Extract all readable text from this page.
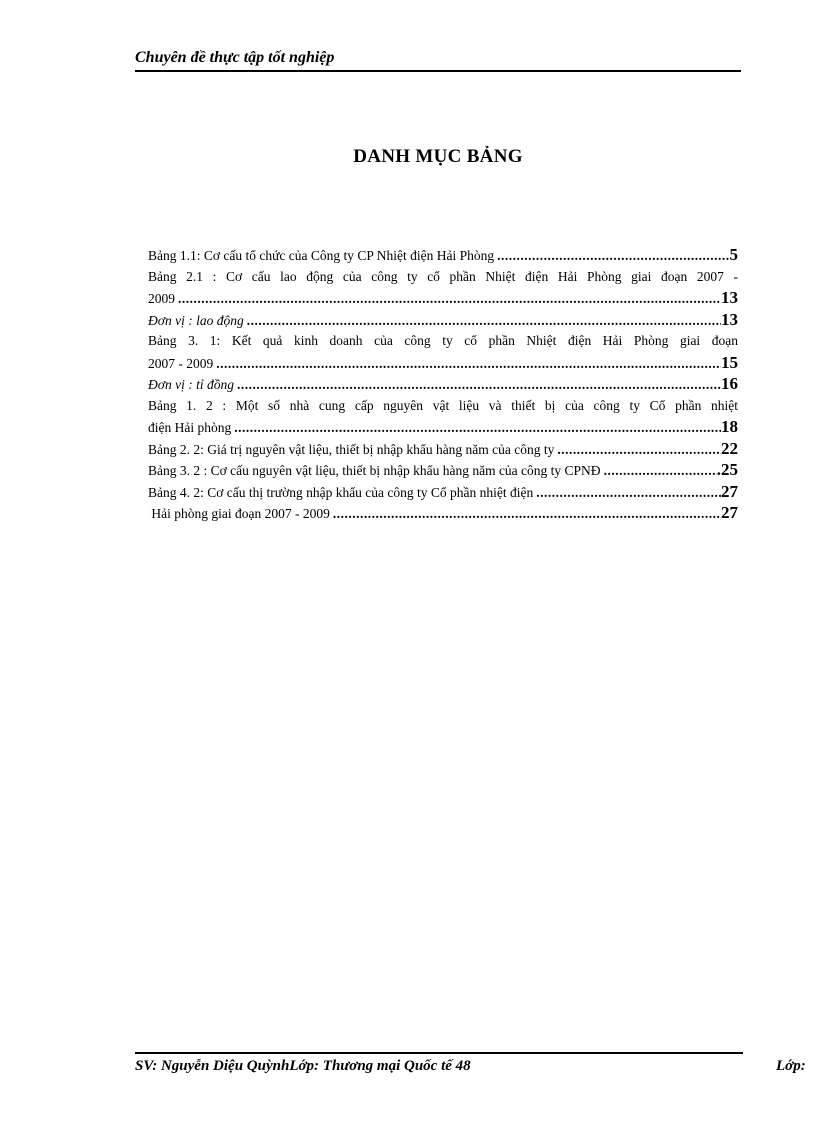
Chuyên đề thực tập tốt nghiệp
DANH MỤC BẢNG
Bảng 1.1: Cơ cấu tổ chức của Công ty CP Nhiệt điện Hải Phòng .....	5
Bảng 2.1 : Cơ cấu lao động của công ty cổ phần Nhiệt điện Hải Phòng giai đoạn 2007 -
2009 .....	13
Đơn vị : lao động .....	13
Bảng 3. 1: Kết quả kinh doanh của công ty cổ phần Nhiệt điện Hải Phòng giai đoạn
2007 - 2009 .....	15
Đơn vị : tỉ đồng .....	16
Bảng 1. 2 : Một số nhà cung cấp nguyên vật liệu và thiết bị của công ty Cổ phần nhiệt
điện Hải phòng .....	18
Bảng 2. 2: Giá trị nguyên vật liệu, thiết bị nhập khẩu hàng năm của công ty .....	22
Bảng 3. 2 : Cơ cấu nguyên vật liệu, thiết bị nhập khẩu hàng năm của công ty CPNĐ .....	.25
Bảng 4. 2: Cơ cấu thị trường nhập khẩu của công ty Cổ phần nhiệt điện .....	27
Hải phòng giai đoạn 2007 - 2009 .....	27
SV: Nguyễn Diệu QuỳnhLớp: Thương mại Quốc tế 48	Lớp:
